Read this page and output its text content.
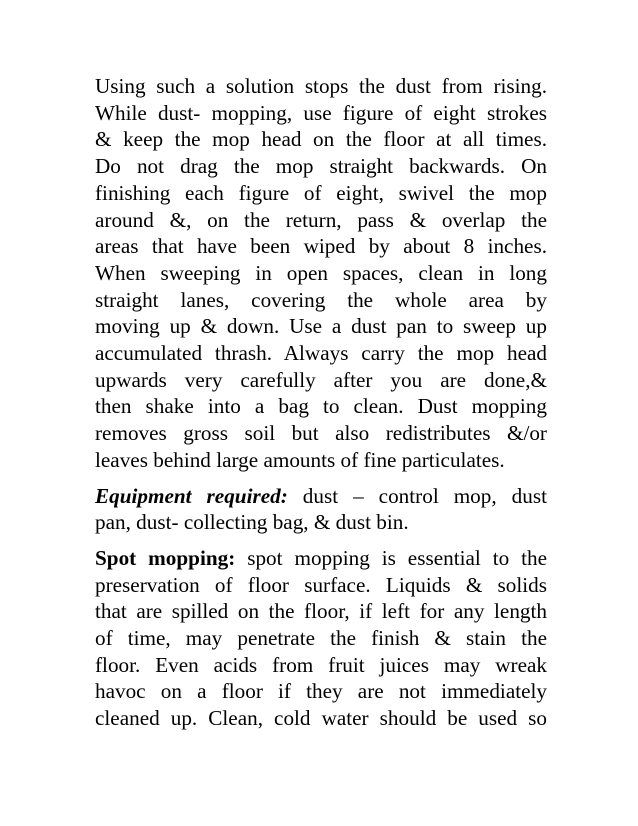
Using such a solution stops the dust from rising.
While dust- mopping, use figure of eight strokes
& keep the mop head on the floor at all times.
Do not drag the mop straight backwards. On
finishing each figure of eight, swivel the mop
around &, on the return, pass & overlap the
areas that have been wiped by about 8 inches.
When sweeping in open spaces, clean in long
straight lanes, covering the whole area by
moving up & down. Use a dust pan to sweep up
accumulated thrash. Always carry the mop head
upwards very carefully after you are done,&
then shake into a bag to clean. Dust mopping
removes gross soil but also redistributes &/or
leaves behind large amounts of fine particulates.
Equipment required: dust – control mop, dust
pan, dust- collecting bag, & dust bin.
Spot mopping: spot mopping is essential to the
preservation of floor surface. Liquids & solids
that are spilled on the floor, if left for any length
of time, may penetrate the finish & stain the
floor. Even acids from fruit juices may wreak
havoc on a floor if they are not immediately
cleaned up. Clean, cold water should be used so
